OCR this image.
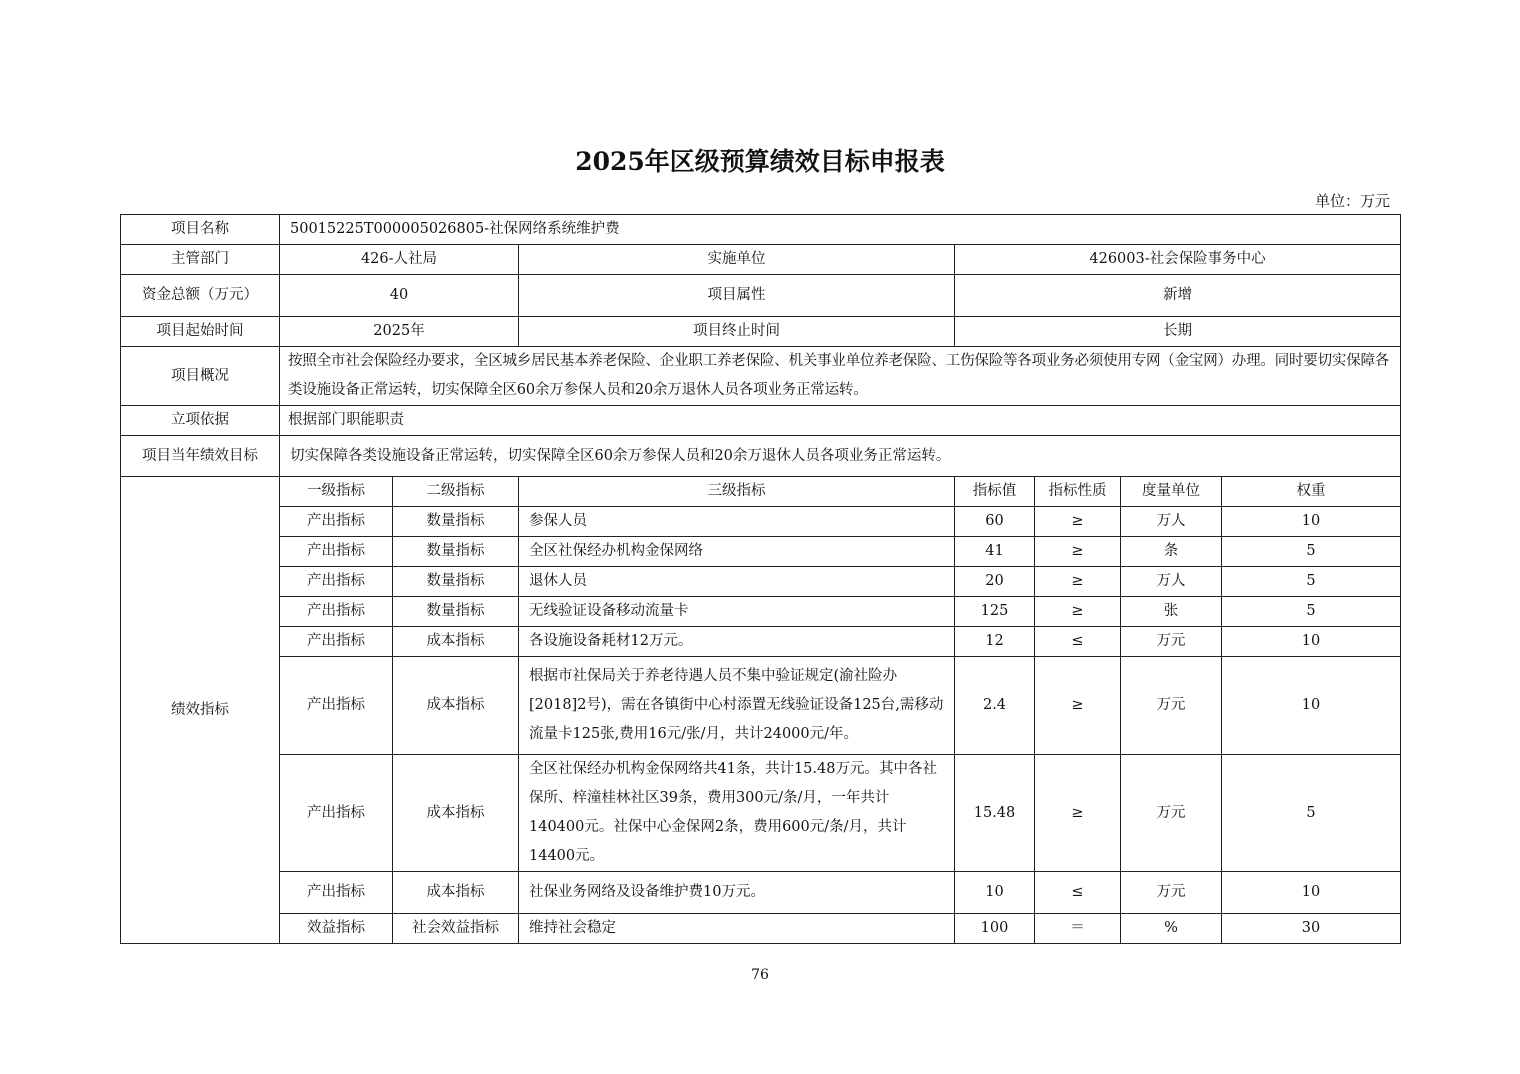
2025年区级预算绩效目标申报表
单位：万元
项目名称	50015225T000005026805-社保网络系统维护费						
主管部门	426-人社局		实施单位	426003-社会保险事务中心			
资金总额（万元）	40		项目属性	新增			
项目起始时间	2025年		项目终止时间	长期			
项目概况	按照全市社会保险经办要求，全区城乡居民基本养老保险、企业职工养老保险、机关事业单位养老保险、工伤保险等各项业务必须使用专网（金宝网）办理。同时要切实保障各类设施设备正常运转，切实保障全区60余万参保人员和20余万退休人员各项业务正常运转。						
立项依据	根据部门职能职责						
项目当年绩效目标	切实保障各类设施设备正常运转，切实保障全区60余万参保人员和20余万退休人员各项业务正常运转。						
绩效指标	一级指标	二级指标	三级指标	指标值	指标性质	度量单位	权重
	产出指标	数量指标	参保人员	60	≥	万人	10
	产出指标	数量指标	全区社保经办机构金保网络	41	≥	条	5
	产出指标	数量指标	退休人员	20	≥	万人	5
	产出指标	数量指标	无线验证设备移动流量卡	125	≥	张	5
	产出指标	成本指标	各设施设备耗材12万元。	12	≤	万元	10
	产出指标	成本指标	根据市社保局关于养老待遇人员不集中验证规定(渝社险办[2018]2号)，需在各镇街中心村添置无线验证设备125台,需移动流量卡125张,费用16元/张/月，共计24000元/年。	2.4	≥	万元	10
	产出指标	成本指标	全区社保经办机构金保网络共41条，共计15.48万元。其中各社保所、梓潼桂林社区39条，费用300元/条/月，一年共计140400元。社保中心金保网2条，费用600元/条/月，共计14400元。	15.48	≥	万元	5
	产出指标	成本指标	社保业务网络及设备维护费10万元。	10	≤	万元	10
	效益指标	社会效益指标	维持社会稳定	100	＝	%	30
76
